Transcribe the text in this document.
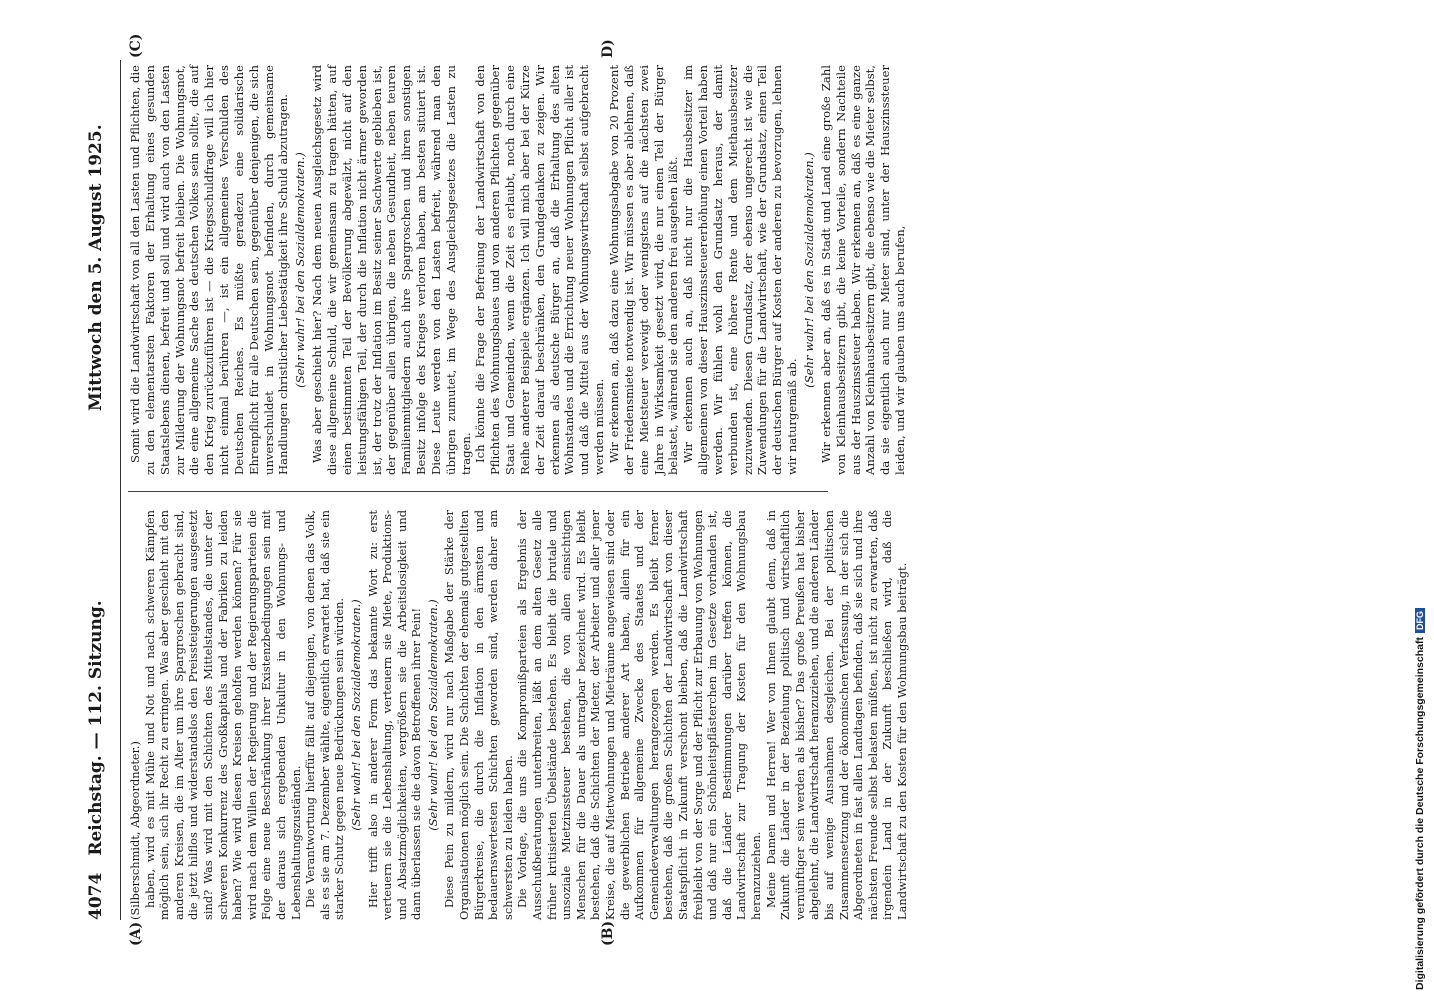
4074
Reichstag. — 112. Sitzung.                                Mittwoch den 5. August 1925.
(A)	(B)
(C)	D)

(Silberschmidt, Abgeordneter.) haben, wird es mit Mühe und Not und nach schweren Kämpfen möglich sein, sich ihr Recht zu erringen. Was aber geschieht mit den anderen Kreisen, die im Alter um ihre Spargroschen gebracht sind, die jetzt hilflos und widerstandslos den Preissteigerungen ausgesetzt sind? Was wird mit den Schichten des Mittelstandes, die unter der schweren Konkurrenz des Großkapitals und der Fabriken zu leiden haben? Wie wird diesen Kreisen geholfen werden können? Für sie wird nach dem Willen der Regierung und der Regierungsparteien die Folge eine neue Beschränkung ihrer Existenzbedingungen sein mit der daraus sich ergebenden Unkultur in den Wohnungs- und Lebenshaltungszuständen. Die Verantwortung hierfür fällt auf diejenigen, von denen das Volk, als es sie am 7. Dezember wählte, eigentlich erwartet hat, daß sie ein starker Schutz gegen neue Bedrückungen sein würden. (Sehr wahr! bei den Sozialdemokraten.) Hier trifft also in anderer Form das bekannte Wort zu: erst verteuern sie die Lebenshaltung, verteuern sie Miete, Produktions- und Absatzmöglichkeiten, vergrößern sie die Arbeitslosigkeit und dann überlassen sie die davon Betroffenen ihrer Pein! (Sehr wahr! bei den Sozialdemokraten.) Diese Pein zu mildern, wird nur nach Maßgabe der Stärke der Organisationen möglich sein. Die Schichten der ehemals gutgestellten Bürgerkreise, die durch die Inflation in den ärmsten und bedauernswertesten Schichten geworden sind, werden daher am schwersten zu leiden haben. Die Vorlage, die uns die Kompromißparteien als Ergebnis der Ausschußberatungen unterbreiten, läßt an dem alten Gesetz alle früher kritisierten Übelstände bestehen. Es bleibt die brutale und unsoziale Mietzinssteuer bestehen, die von allen einsichtigen Menschen für die Dauer als untragbar bezeichnet wird. Es bleibt bestehen, daß die Schichten der Mieter, der Arbeiter und aller jener Kreise, die auf Mietwohnungen und Mieträume angewiesen sind oder die gewerblichen Betriebe anderer Art haben, allein für ein Aufkommen für allgemeine Zwecke des Staates und der Gemeindeverwaltungen herangezogen werden. Es bleibt ferner bestehen, daß die großen Schichten der Landwirtschaft von dieser Staatspflicht in Zukunft verschont bleiben, daß die Landwirtschaft freibleibt von der Sorge und der Pflicht zur Erbauung von Wohnungen und daß nur ein Schönheitspflästerchen im Gesetze vorhanden ist, daß die Länder Bestimmungen darüber treffen können, die Landwirtschaft zur Tragung der Kosten für den Wohnungsbau heranzuziehen. Meine Damen und Herren! Wer von Ihnen glaubt denn, daß in Zukunft die Länder in der Beziehung politisch und wirtschaftlich vernünftiger sein werden als bisher? Das große Preußen hat bisher abgelehnt, die Landwirtschaft heranzuziehen, und die anderen Länder bis auf wenige Ausnahmen desgleichen. Bei der politischen Zusammensetzung und der ökonomischen Verfassung, in der sich die Abgeordneten in fast allen Landtagen befinden, daß sie sich und ihre nächsten Freunde selbst belasten müßten, ist nicht zu erwarten, daß irgendein Land in der Zukunft beschließen wird, daß die Landwirtschaft zu den Kosten für den Wohnungsbau beiträgt.

Somit wird die Landwirtschaft von all den Lasten und Pflichten, die zu den elementarsten Faktoren der Erhaltung eines gesunden Staatslebens dienen, befreit und soll und wird auch von den Lasten zur Milderung der Wohnungsnot befreit bleiben. Die Wohnungsnot, die eine allgemeine Sache des deutschen Volkes sein sollte, die auf den Krieg zurückzuführen ist — die Kriegsschuldfrage will ich hier nicht einmal berühren —, ist ein allgemeines Verschulden des Deutschen Reiches. Es müßte geradezu eine solidarische Ehrenpflicht für alle Deutschen sein, gegenüber denjenigen, die sich unverschuldet in Wohnungsnot befinden, durch gemeinsame Handlungen christlicher Liebestätigkeit ihre Schuld abzutragen. (Sehr wahr! bei den Sozialdemokraten.) Was aber geschieht hier? Nach dem neuen Ausgleichsgesetz wird diese allgemeine Schuld, die wir gemeinsam zu tragen hätten, auf einen bestimmten Teil der Bevölkerung abgewälzt, nicht auf den leistungsfähigen Teil, der durch die Inflation nicht ärmer geworden ist, der trotz der Inflation im Besitz seiner Sachwerte geblieben ist, der gegenüber allen übrigen, die neben Gesundheit, neben teuren Familienmitgliedern auch ihre Spargroschen und ihren sonstigen Besitz infolge des Krieges verloren haben, am besten situiert ist. Diese Leute werden von den Lasten befreit, während man den übrigen zumutet, im Wege des Ausgleichsgesetzes die Lasten zu tragen. Ich könnte die Frage der Befreiung der Landwirtschaft von den Pflichten des Wohnungsbaues und von anderen Pflichten gegenüber Staat und Gemeinden, wenn die Zeit es erlaubt, noch durch eine Reihe anderer Beispiele ergänzen. Ich will mich aber bei der Kürze der Zeit darauf beschränken, den Grundgedanken zu zeigen. Wir erkennen als deutsche Bürger an, daß die Erhaltung des alten Wohnstandes und die Errichtung neuer Wohnungen Pflicht aller ist und daß die Mittel aus der Wohnungswirtschaft selbst aufgebracht werden müssen. Wir erkennen an, daß dazu eine Wohnungsabgabe von 20 Prozent der Friedensmiete notwendig ist. Wir müssen es aber ablehnen, daß eine Mietsteuer verewigt oder wenigstens auf die nächsten zwei Jahre in Wirksamkeit gesetzt wird, die nur einen Teil der Bürger belastet, während sie den anderen frei ausgehen läßt. Wir erkennen auch an, daß nicht nur die Hausbesitzer im allgemeinen von dieser Hauszinssteuererhöhung einen Vorteil haben werden. Wir fühlen wohl den Grundsatz heraus, der damit verbunden ist, eine höhere Rente und dem Miethausbesitzer zuzuwenden. Diesen Grundsatz, der ebenso ungerecht ist wie die Zuwendungen für die Landwirtschaft, wie der Grundsatz, einen Teil der deutschen Bürger auf Kosten der anderen zu bevorzugen, lehnen wir naturgemäß ab.

(Sehr wahr! bei den Sozialdemokraten.) Wir erkennen aber an, daß es in Stadt und Land eine große Zahl von Kleinhausbesitzern gibt, die keine Vorteile, sondern Nachteile aus der Hauszinssteuer haben. Wir erkennen an, daß es eine ganze Anzahl von Kleinhausbesitzern gibt, die ebenso wie die Mieter selbst, da sie eigentlich auch nur Mieter sind, unter der Hauszinssteuer leiden, und wir glauben uns auch berufen,

Digitalisierung gefördert durch die Deutsche ForschungsgemeinschaftDFG
